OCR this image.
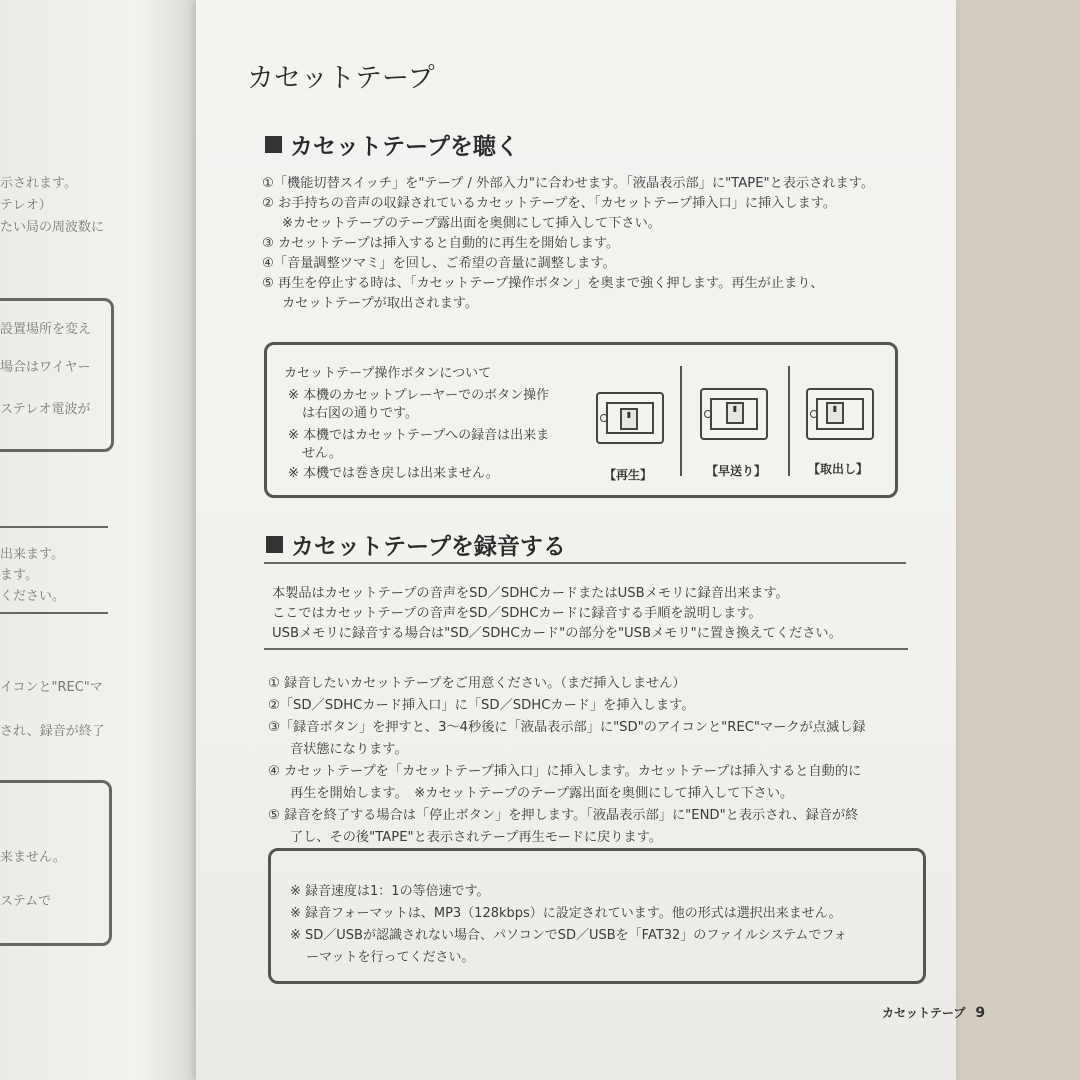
示されます。
テレオ）
たい局の周波数に
設置場所を変え
場合はワイヤー
ステレオ電波が
出来ます。
ます。
ください。
イコンと"REC"マ
され、録音が終了
来ません。
ステムで
カセットテープ
カセットテープを聴く
①「機能切替スイッチ」を"テープ / 外部入力"に合わせます。「液晶表示部」に"TAPE"と表示されます。
② お手持ちの音声の収録されているカセットテープを、「カセットテープ挿入口」に挿入します。
※カセットテープのテープ露出面を奥側にして挿入して下さい。
③ カセットテープは挿入すると自動的に再生を開始します。
④「音量調整ツマミ」を回し、ご希望の音量に調整します。
⑤ 再生を停止する時は、「カセットテープ操作ボタン」を奥まで強く押します。再生が止まり、
カセットテープが取出されます。
カセットテープ操作ボタンについて
※ 本機のカセットプレーヤーでのボタン操作
は右図の通りです。
※ 本機ではカセットテープへの録音は出来ま
せん。
※ 本機では巻き戻しは出来ません。
▮
▮	▮
【再生】	【早送り】	【取出し】
カセットテープを録音する
本製品はカセットテープの音声をSD／SDHCカードまたはUSBメモリに録音出来ます。
ここではカセットテープの音声をSD／SDHCカードに録音する手順を説明します。
USBメモリに録音する場合は"SD／SDHCカード"の部分を"USBメモリ"に置き換えてください。
① 録音したいカセットテープをご用意ください。（まだ挿入しません）
②「SD／SDHCカード挿入口」に「SD／SDHCカード」を挿入します。
③「録音ボタン」を押すと、3〜4秒後に「液晶表示部」に"SD"のアイコンと"REC"マークが点滅し録
音状態になります。
④ カセットテープを「カセットテープ挿入口」に挿入します。カセットテープは挿入すると自動的に
再生を開始します。　※カセットテープのテープ露出面を奥側にして挿入して下さい。
⑤ 録音を終了する場合は「停止ボタン」を押します。「液晶表示部」に"END"と表示され、録音が終
了し、その後"TAPE"と表示されテープ再生モードに戻ります。
※ 録音速度は1：1の等倍速です。
※ 録音フォーマットは、MP3（128kbps）に設定されています。他の形式は選択出来ません。
※ SD／USBが認識されない場合、パソコンでSD／USBを「FAT32」のファイルシステムでフォ
ーマットを行ってください。
カセットテープ 9
